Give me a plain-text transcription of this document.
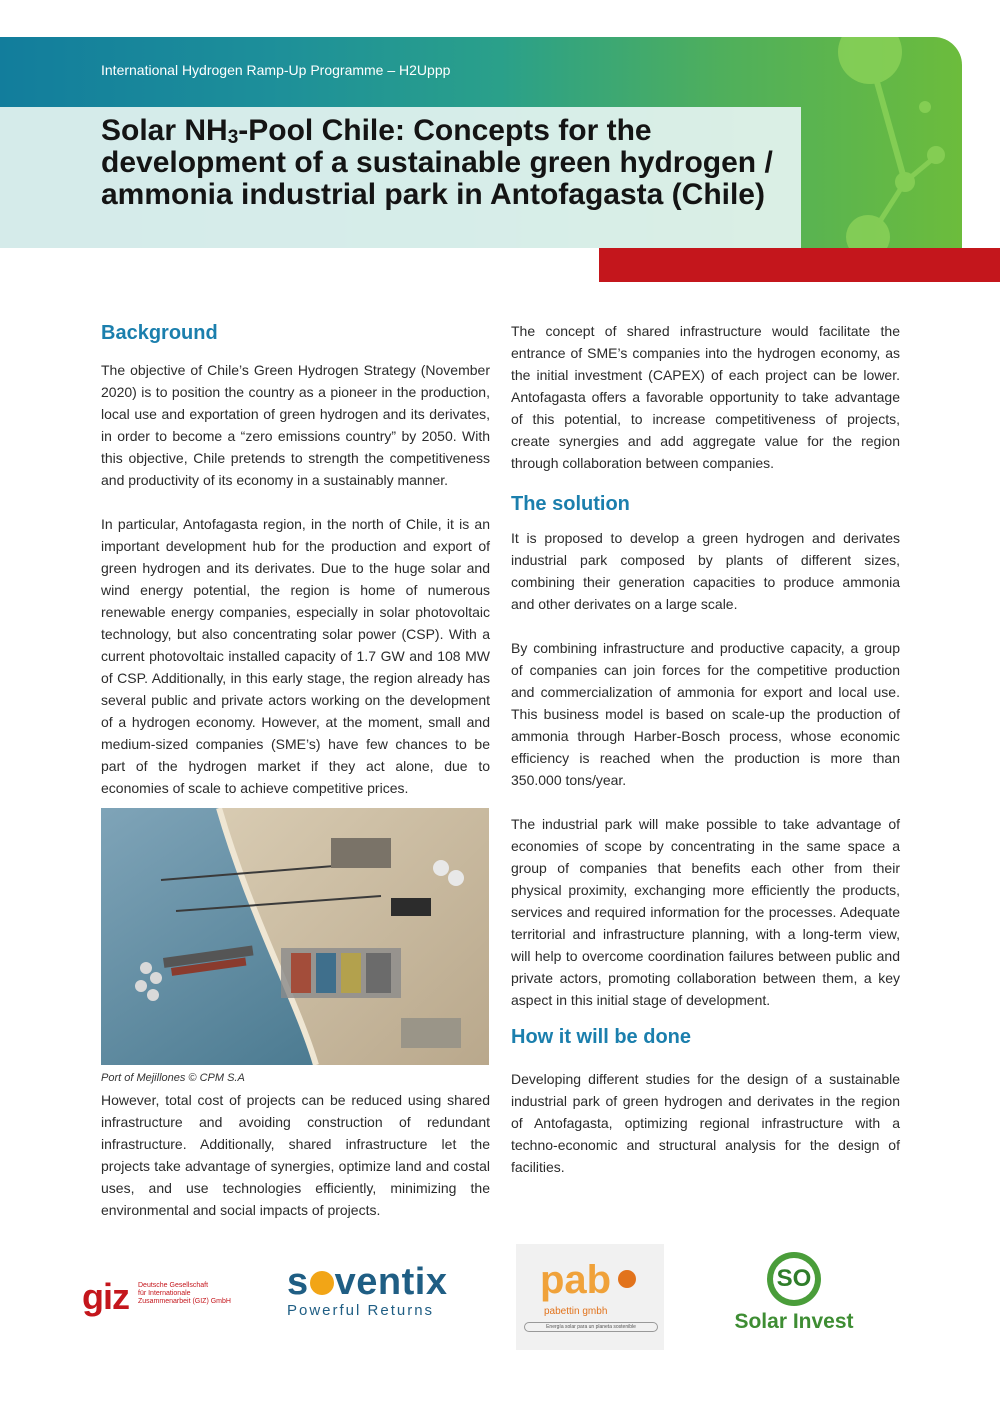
International Hydrogen Ramp-Up Programme – H2Uppp
Solar $NH_3$-Pool Chile: Concepts for the development of a sustainable green hydrogen / ammonia industrial park in Antofagasta (Chile)
Background

The objective of Chile’s Green Hydrogen Strategy (November 2020) is to position the country as a pioneer in the production, local use and exportation of green hydrogen and its derivates, in order to become a “zero emissions country” by 2050. With this objective, Chile pretends to strength the competitiveness and productivity of its economy in a sustainably manner.

In particular, Antofagasta region, in the north of Chile, it is an important development hub for the production and export of green hydrogen and its derivates. Due to the huge solar and wind energy potential, the region is home of numerous renewable energy companies, especially in solar photovoltaic technology, but also concentrating solar power (CSP). With a current photovoltaic installed capacity of 1.7 GW and 108 MW of CSP. Additionally, in this early stage, the region already has several public and private actors working on the development of a hydrogen economy. However, at the moment, small and medium-sized companies (SME’s) have few chances to be part of the hydrogen market if they act alone, due to economies of scale to achieve competitive prices.

Port of Mejillones © CPM S.A

However, total cost of projects can be reduced using shared infrastructure and avoiding construction of redundant infrastructure. Additionally, shared infrastructure let the projects take advantage of synergies, optimize land and costal uses, and use technologies efficiently, minimizing the environmental and social impacts of projects.

The concept of shared infrastructure would facilitate the entrance of SME’s companies into the hydrogen economy, as the initial investment (CAPEX) of each project can be lower. Antofagasta offers a favorable opportunity to take advantage of this potential, to increase competitiveness of projects, create synergies and add aggregate value for the region through collaboration between companies.

The solution

It is proposed to develop a green hydrogen and derivates industrial park composed by plants of different sizes, combining their generation capacities to produce ammonia and other derivates on a large scale.

By combining infrastructure and productive capacity, a group of companies can join forces for the competitive production and commercialization of ammonia for export and local use. This business model is based on scale-up the production of ammonia through Harber-Bosch process, whose economic efficiency is reached when the production is more than 350.000 tons/year.

The industrial park will make possible to take advantage of economies of scope by concentrating in the same space a group of companies that benefits each other from their physical proximity, exchanging more efficiently the products, services and required information for the processes. Adequate territorial and infrastructure planning, with a long-term view, will help to overcome coordination failures between public and private actors, promoting collaboration between them, a key aspect in this initial stage of development.

How it will be done

Developing different studies for the design of a sustainable industrial park of green hydrogen and derivates in the region of Antofagasta, optimizing regional infrastructure with a techno-economic and structural analysis for the design of facilities.

giz Deutsche Gesellschaft
für Internationale
Zusammenarbeit (GIZ) GmbH s ventix
Powerful Returns
pab
pabettin gmbh
Energía solar para un planeta sostenible
SO
Solar Invest
